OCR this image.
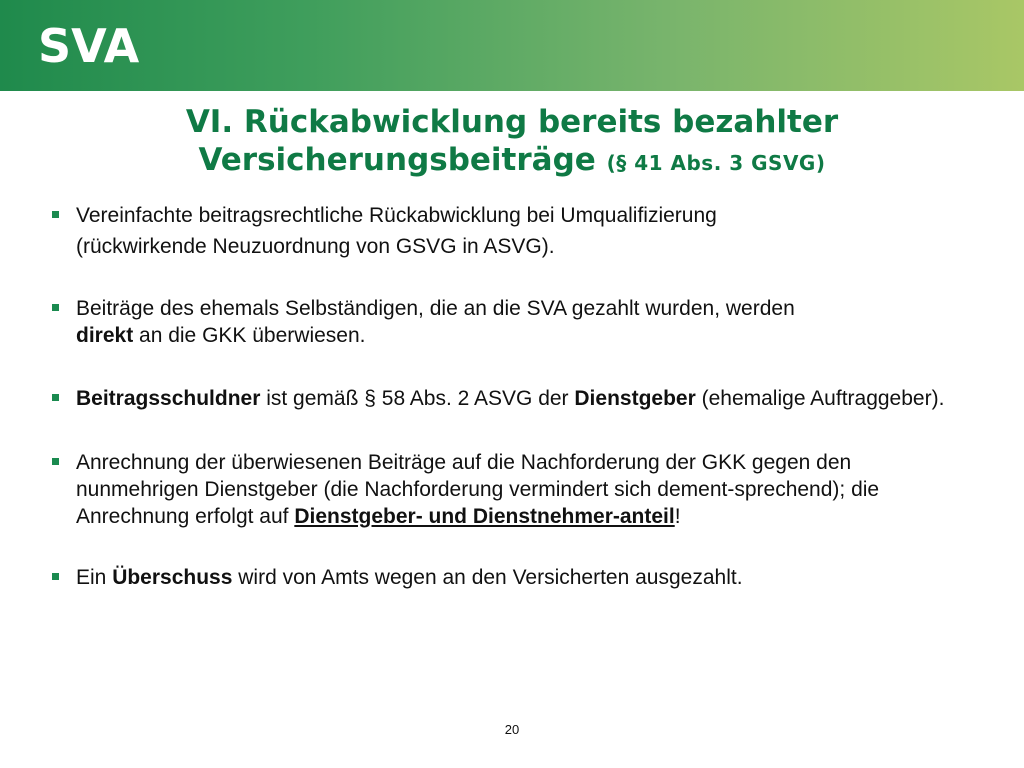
SVA
VI. Rückabwicklung bereits bezahlter
Versicherungsbeiträge (§ 41 Abs. 3 GSVG)
Vereinfachte beitragsrechtliche Rückabwicklung bei Umqualifizierung
(rückwirkende Neuzuordnung von GSVG in ASVG).
Beiträge des ehemals Selbständigen, die an die SVA gezahlt wurden, werden
direkt an die GKK überwiesen.
Beitragsschuldner ist gemäß § 58 Abs. 2 ASVG der Dienstgeber (ehemalige Auftraggeber).
Anrechnung der überwiesenen Beiträge auf die Nachforderung der GKK gegen den nunmehrigen Dienstgeber (die Nachforderung vermindert sich dement-sprechend); die Anrechnung erfolgt auf Dienstgeber- und Dienstnehmer-anteil!
Ein Überschuss wird von Amts wegen an den Versicherten ausgezahlt.
20
